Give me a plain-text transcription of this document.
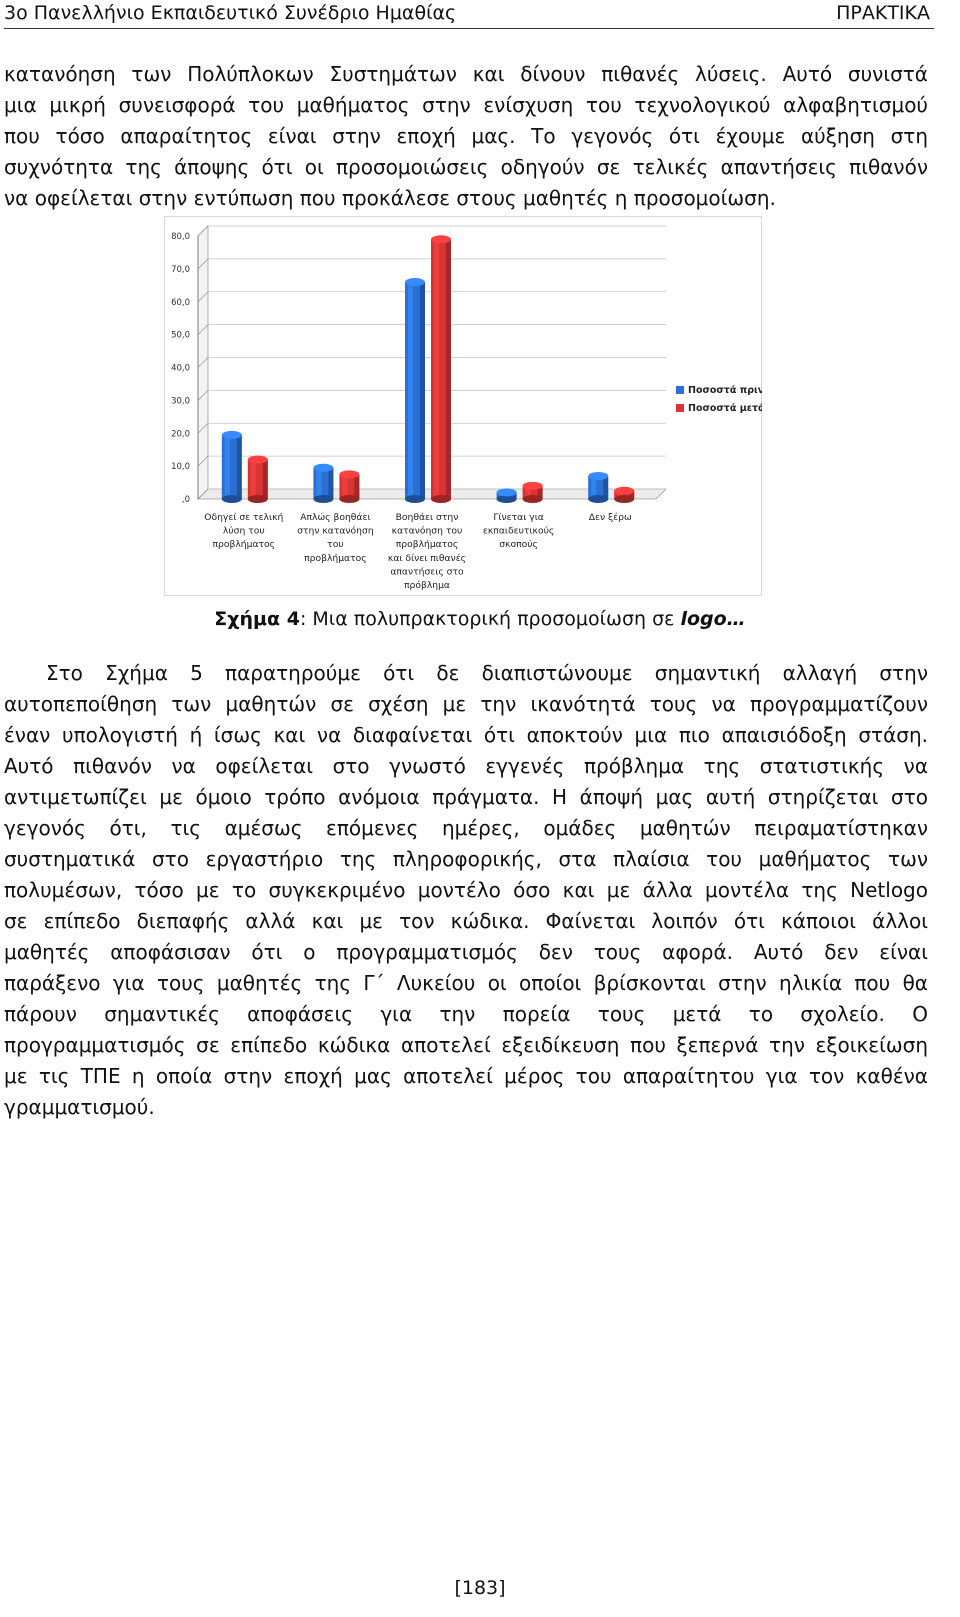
3ο Πανελλήνιο Εκπαιδευτικό Συνέδριο Ημαθίας	ΠΡΑΚΤΙΚΑ
κατανόηση των Πολύπλοκων Συστημάτων και δίνουν πιθανές λύσεις. Αυτό συνιστά
μια μικρή συνεισφορά του μαθήματος στην ενίσχυση του τεχνολογικού αλφαβητισμού
που τόσο απαραίτητος είναι στην εποχή μας. Το γεγονός ότι έχουμε αύξηση στη
συχνότητα της άποψης ότι οι προσομοιώσεις οδηγούν σε τελικές απαντήσεις πιθανόν
να οφείλεται στην εντύπωση που προκάλεσε στους μαθητές η προσομοίωση.
80,0
70,0
60,0
50,0
40,0
30,0
20,0
10,0
,0
Οδηγεί σε τελική
λύση του
προβλήματος
Απλώς βοηθάει
στην κατανόηση
του
προβλήματος
Βοηθάει στην
κατανόηση του
προβλήματος
και δίνει πιθανές
απαντήσεις στο
πρόβλημα
Γίνεται για
εκπαιδευτικούς
σκοπούς
Δεν ξέρω
Ποσοστά πριν
Ποσοστά μετά
Σχήμα 4: Μια πολυπρακτορική προσομοίωση σε logo…
Στο Σχήμα 5 παρατηρούμε ότι δε διαπιστώνουμε σημαντική αλλαγή στην
αυτοπεποίθηση των μαθητών σε σχέση με την ικανότητά τους να προγραμματίζουν
έναν υπολογιστή ή ίσως και να διαφαίνεται ότι αποκτούν μια πιο απαισιόδοξη στάση.
Αυτό πιθανόν να οφείλεται στο γνωστό εγγενές πρόβλημα της στατιστικής να
αντιμετωπίζει με όμοιο τρόπο ανόμοια πράγματα. Η άποψή μας αυτή στηρίζεται στο
γεγονός ότι, τις αμέσως επόμενες ημέρες, ομάδες μαθητών πειραματίστηκαν
συστηματικά στο εργαστήριο της πληροφορικής, στα πλαίσια του μαθήματος των
πολυμέσων, τόσο με το συγκεκριμένο μοντέλο όσο και με άλλα μοντέλα της Netlogo
σε επίπεδο διεπαφής αλλά και με τον κώδικα. Φαίνεται λοιπόν ότι κάποιοι άλλοι
μαθητές αποφάσισαν ότι ο προγραμματισμός δεν τους αφορά. Αυτό δεν είναι
παράξενο για τους μαθητές της Γ΄ Λυκείου οι οποίοι βρίσκονται στην ηλικία που θα
πάρουν σημαντικές αποφάσεις για την πορεία τους μετά το σχολείο. Ο
προγραμματισμός σε επίπεδο κώδικα αποτελεί εξειδίκευση που ξεπερνά την εξοικείωση
με τις ΤΠΕ η οποία στην εποχή μας αποτελεί μέρος του απαραίτητου για τον καθένα
γραμματισμού.
[183]
